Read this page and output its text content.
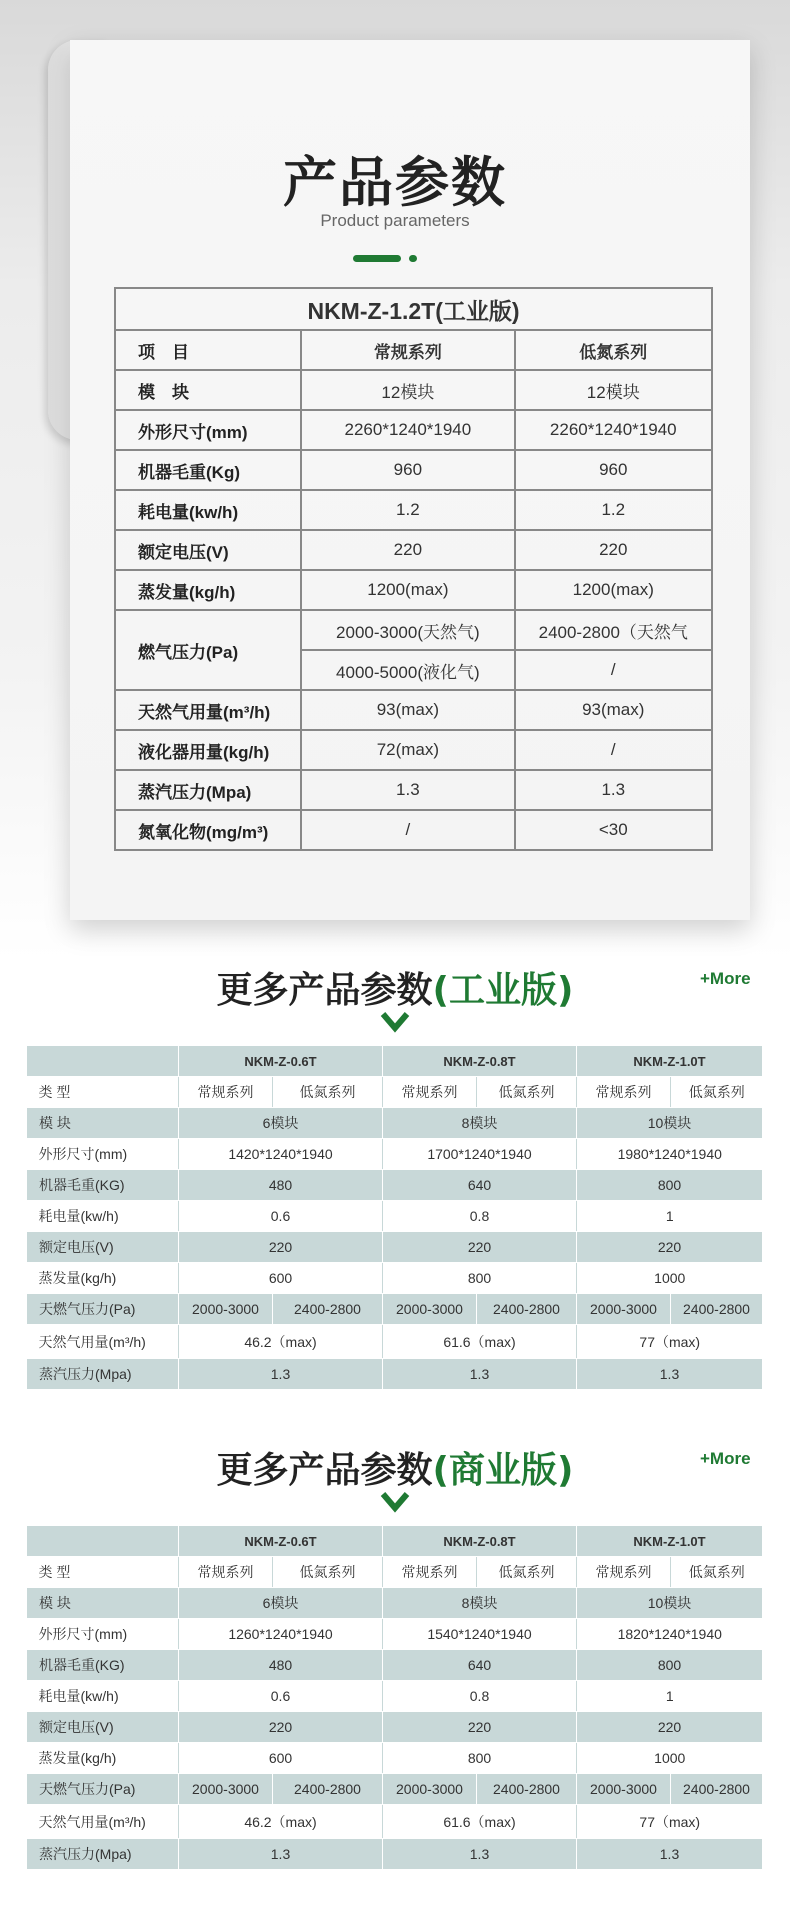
产品参数
Product parameters
NKM-Z-1.2T(工业版)		
项　目	常规系列	低氮系列
模　块	12模块	12模块
外形尺寸(mm)	2260*1240*1940	2260*1240*1940
机器毛重(Kg)	960	960
耗电量(kw/h)	1.2	1.2
额定电压(V)	220	220
蒸发量(kg/h)	1200(max)	1200(max)
燃气压力(Pa)	2000-3000(天然气)	2400-2800（天然气
	4000-5000(液化气)	/
天然气用量(m³/h)	93(max)	93(max)
液化器用量(kg/h)	72(max)	/
蒸汽压力(Mpa)	1.3	1.3
氮氧化物(mg/m³)	/	<30
更多产品参数(工业版)	+More
	NKM-Z-0.6T		NKM-Z-0.8T		NKM-Z-1.0T	
类 型	常规系列	低氮系列	常规系列	低氮系列	常规系列	低氮系列
模 块	6模块		8模块		10模块	
外形尺寸(mm)	1420*1240*1940		1700*1240*1940		1980*1240*1940	
机器毛重(KG)	480		640		800	
耗电量(kw/h)	0.6		0.8		1	
额定电压(V)	220		220		220	
蒸发量(kg/h)	600		800		1000	
天燃气压力(Pa)	2000-3000	2400-2800	2000-3000	2400-2800	2000-3000	2400-2800
天然气用量(m³/h)	46.2（max)		61.6（max)		77（max)	
蒸汽压力(Mpa)	1.3		1.3		1.3	
更多产品参数(商业版)	+More
	NKM-Z-0.6T		NKM-Z-0.8T		NKM-Z-1.0T	
类 型	常规系列	低氮系列	常规系列	低氮系列	常规系列	低氮系列
模 块	6模块		8模块		10模块	
外形尺寸(mm)	1260*1240*1940		1540*1240*1940		1820*1240*1940	
机器毛重(KG)	480		640		800	
耗电量(kw/h)	0.6		0.8		1	
额定电压(V)	220		220		220	
蒸发量(kg/h)	600		800		1000	
天燃气压力(Pa)	2000-3000	2400-2800	2000-3000	2400-2800	2000-3000	2400-2800
天然气用量(m³/h)	46.2（max)		61.6（max)		77（max)	
蒸汽压力(Mpa)	1.3		1.3		1.3	
